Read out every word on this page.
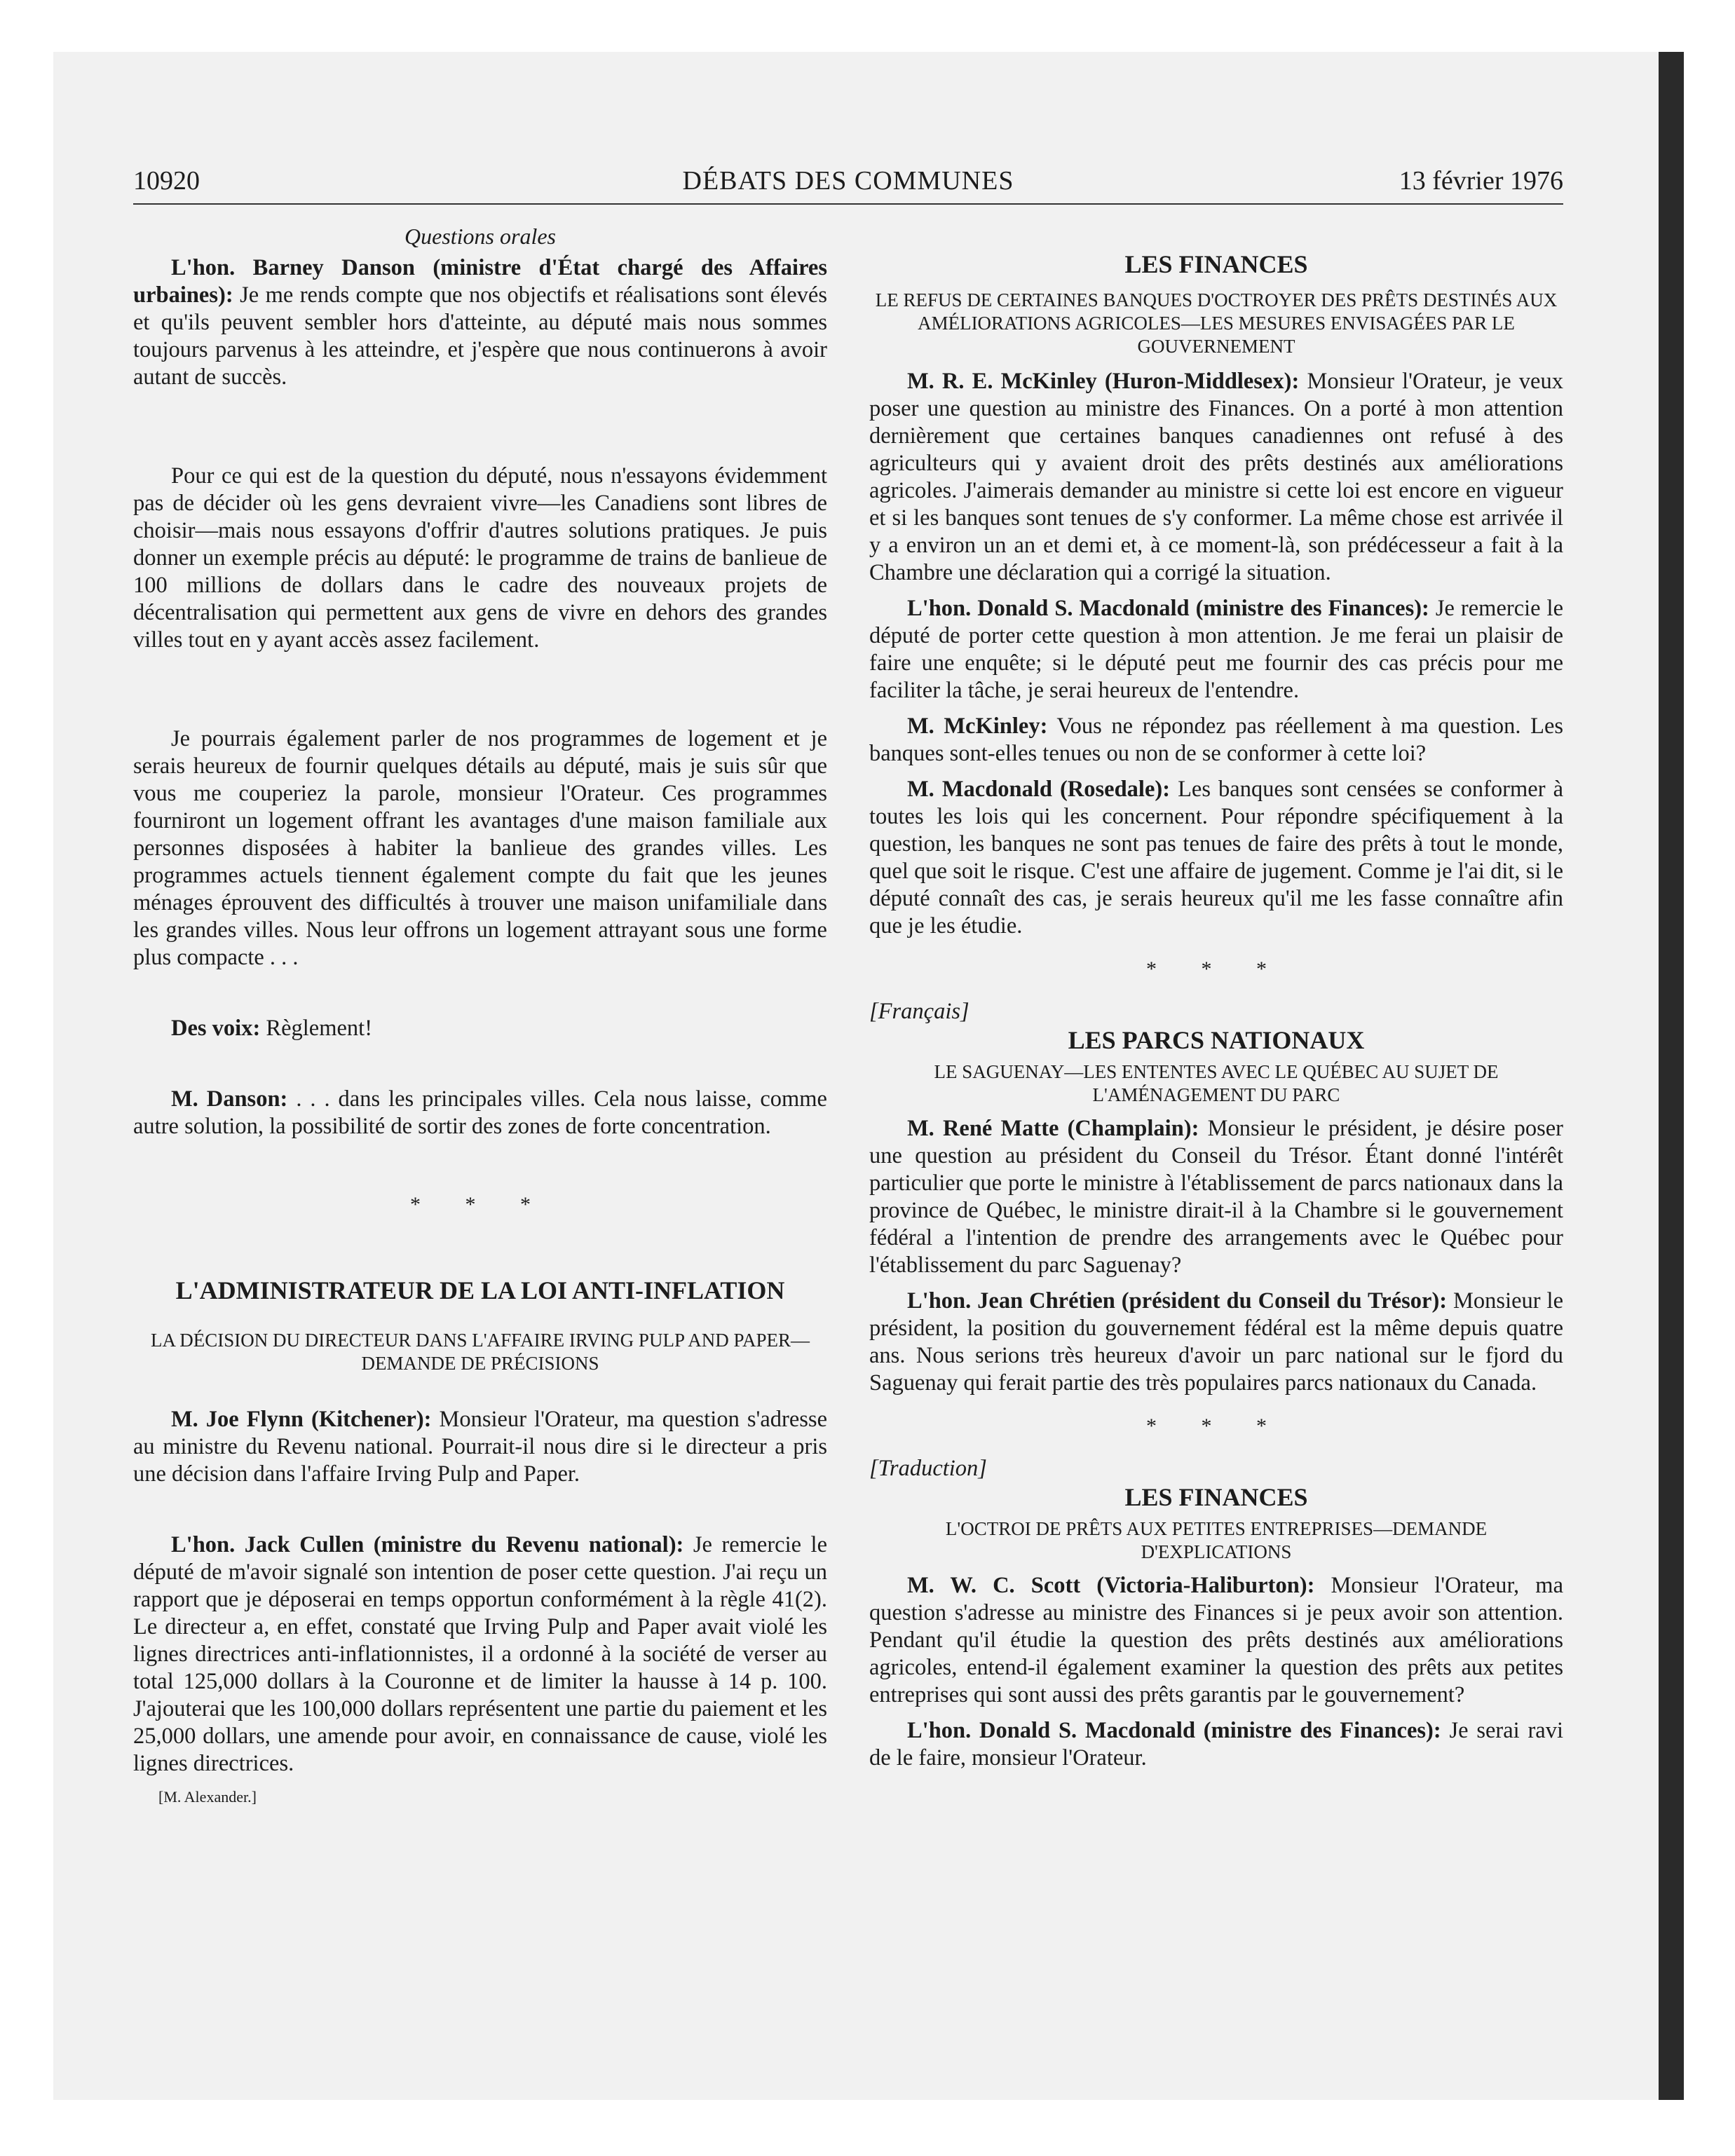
10920	DÉBATS DES COMMUNES	13 février 1976
Questions orales

L'hon. Barney Danson (ministre d'État chargé des Affaires urbaines): Je me rends compte que nos objectifs et réalisations sont élevés et qu'ils peuvent sembler hors d'atteinte, au député mais nous sommes toujours parvenus à les atteindre, et j'espère que nous continuerons à avoir autant de succès.

Pour ce qui est de la question du député, nous n'essayons évidemment pas de décider où les gens devraient vivre—les Canadiens sont libres de choisir—mais nous essayons d'offrir d'autres solutions pratiques. Je puis donner un exemple précis au député: le programme de trains de banlieue de 100 millions de dollars dans le cadre des nouveaux projets de décentralisation qui permettent aux gens de vivre en dehors des grandes villes tout en y ayant accès assez facilement.

Je pourrais également parler de nos programmes de logement et je serais heureux de fournir quelques détails au député, mais je suis sûr que vous me couperiez la parole, monsieur l'Orateur. Ces programmes fourniront un logement offrant les avantages d'une maison familiale aux personnes disposées à habiter la banlieue des grandes villes. Les programmes actuels tiennent également compte du fait que les jeunes ménages éprouvent des difficultés à trouver une maison unifamiliale dans les grandes villes. Nous leur offrons un logement attrayant sous une forme plus compacte . . .

Des voix: Règlement!

M. Danson: . . . dans les principales villes. Cela nous laisse, comme autre solution, la possibilité de sortir des zones de forte concentration.

* * *
L'ADMINISTRATEUR DE LA LOI ANTI-INFLATION
LA DÉCISION DU DIRECTEUR DANS L'AFFAIRE IRVING PULP AND PAPER—DEMANDE DE PRÉCISIONS

M. Joe Flynn (Kitchener): Monsieur l'Orateur, ma question s'adresse au ministre du Revenu national. Pourrait-il nous dire si le directeur a pris une décision dans l'affaire Irving Pulp and Paper.

L'hon. Jack Cullen (ministre du Revenu national): Je remercie le député de m'avoir signalé son intention de poser cette question. J'ai reçu un rapport que je déposerai en temps opportun conformément à la règle 41(2). Le directeur a, en effet, constaté que Irving Pulp and Paper avait violé les lignes directrices anti-inflationnistes, il a ordonné à la société de verser au total 125,000 dollars à la Couronne et de limiter la hausse à 14 p. 100. J'ajouterai que les 100,000 dollars représentent une partie du paiement et les 25,000 dollars, une amende pour avoir, en connaissance de cause, violé les lignes directrices.

[M. Alexander.]

LES FINANCES
LE REFUS DE CERTAINES BANQUES D'OCTROYER DES PRÊTS DESTINÉS AUX AMÉLIORATIONS AGRICOLES—LES MESURES ENVISAGÉES PAR LE GOUVERNEMENT

M. R. E. McKinley (Huron-Middlesex): Monsieur l'Orateur, je veux poser une question au ministre des Finances. On a porté à mon attention dernièrement que certaines banques canadiennes ont refusé à des agriculteurs qui y avaient droit des prêts destinés aux améliorations agricoles. J'aimerais demander au ministre si cette loi est encore en vigueur et si les banques sont tenues de s'y conformer. La même chose est arrivée il y a environ un an et demi et, à ce moment-là, son prédécesseur a fait à la Chambre une déclaration qui a corrigé la situation.

L'hon. Donald S. Macdonald (ministre des Finances): Je remercie le député de porter cette question à mon attention. Je me ferai un plaisir de faire une enquête; si le député peut me fournir des cas précis pour me faciliter la tâche, je serai heureux de l'entendre.

M. McKinley: Vous ne répondez pas réellement à ma question. Les banques sont-elles tenues ou non de se conformer à cette loi?

M. Macdonald (Rosedale): Les banques sont censées se conformer à toutes les lois qui les concernent. Pour répondre spécifiquement à la question, les banques ne sont pas tenues de faire des prêts à tout le monde, quel que soit le risque. C'est une affaire de jugement. Comme je l'ai dit, si le député connaît des cas, je serais heureux qu'il me les fasse connaître afin que je les étudie.

* * *

[Français]

LES PARCS NATIONAUX
LE SAGUENAY—LES ENTENTES AVEC LE QUÉBEC AU SUJET DE L'AMÉNAGEMENT DU PARC

M. René Matte (Champlain): Monsieur le président, je désire poser une question au président du Conseil du Trésor. Étant donné l'intérêt particulier que porte le ministre à l'établissement de parcs nationaux dans la province de Québec, le ministre dirait-il à la Chambre si le gouvernement fédéral a l'intention de prendre des arrangements avec le Québec pour l'établissement du parc Saguenay?

L'hon. Jean Chrétien (président du Conseil du Trésor): Monsieur le président, la position du gouvernement fédéral est la même depuis quatre ans. Nous serions très heureux d'avoir un parc national sur le fjord du Saguenay qui ferait partie des très populaires parcs nationaux du Canada.

* * *

[Traduction]

LES FINANCES
L'OCTROI DE PRÊTS AUX PETITES ENTREPRISES—DEMANDE D'EXPLICATIONS

M. W. C. Scott (Victoria-Haliburton): Monsieur l'Orateur, ma question s'adresse au ministre des Finances si je peux avoir son attention. Pendant qu'il étudie la question des prêts destinés aux améliorations agricoles, entend-il également examiner la question des prêts aux petites entreprises qui sont aussi des prêts garantis par le gouvernement?

L'hon. Donald S. Macdonald (ministre des Finances): Je serai ravi de le faire, monsieur l'Orateur.
